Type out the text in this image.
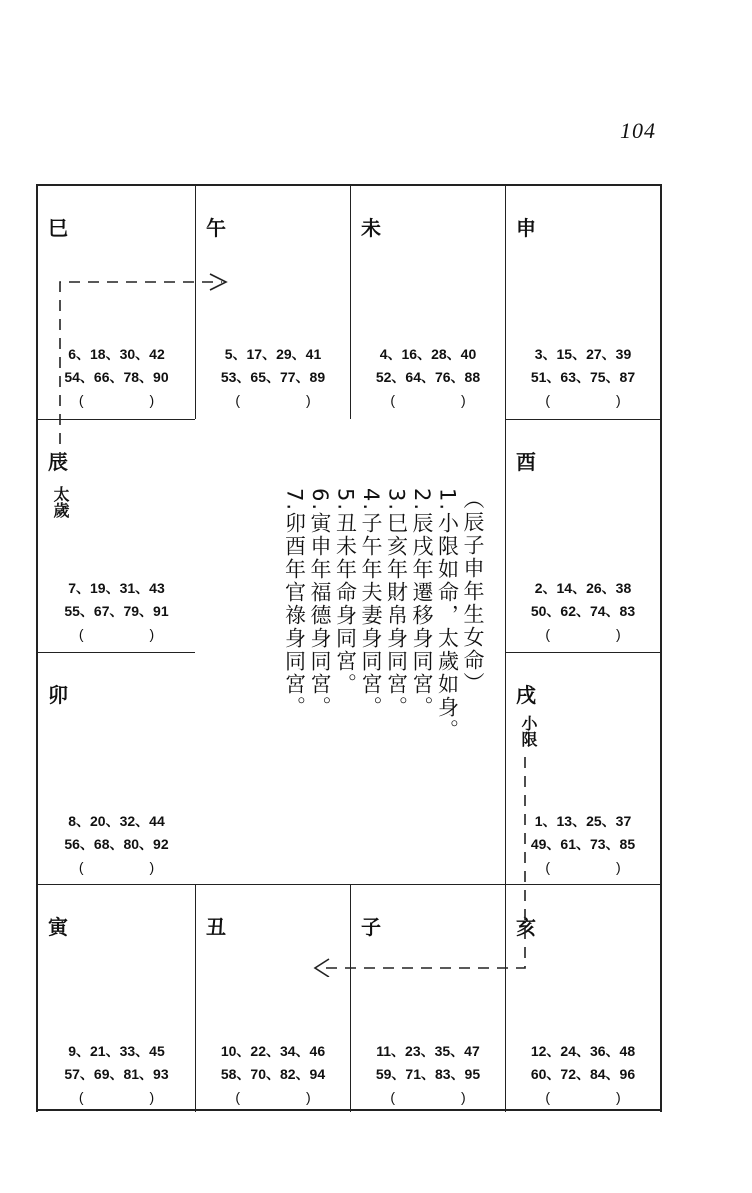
104
巳
6、18、30、42
54、66、78、90
(　)
午
5、17、29、41
53、65、77、89
(　)
未
4、16、28、40
52、64、76、88
(　)
申
3、15、27、39
51、63、75、87
(　)
辰
太歲
7、19、31、43
55、67、79、91
(　)
酉
2、14、26、38
50、62、74、83
(　)
卯
8、20、32、44
56、68、80、92
(　)
戌
小限
1、13、25、37
49、61、73、85
(　)
寅
9、21、33、45
57、69、81、93
(　)
丑
10、22、34、46
58、70、82、94
(　)
子
11、23、35、47
59、71、83、95
(　)
亥
12、24、36、48
60、72、84、96
(　)
︵辰子申年生女命︶
1.小限如命，太歲如身。
2.辰戌年遷移身同宮。
3.巳亥年財帛身同宮。
4.子午年夫妻身同宮。
5.丑未年命身同宮。
6.寅申年福德身同宮。
7.卯酉年官祿身同宮。
